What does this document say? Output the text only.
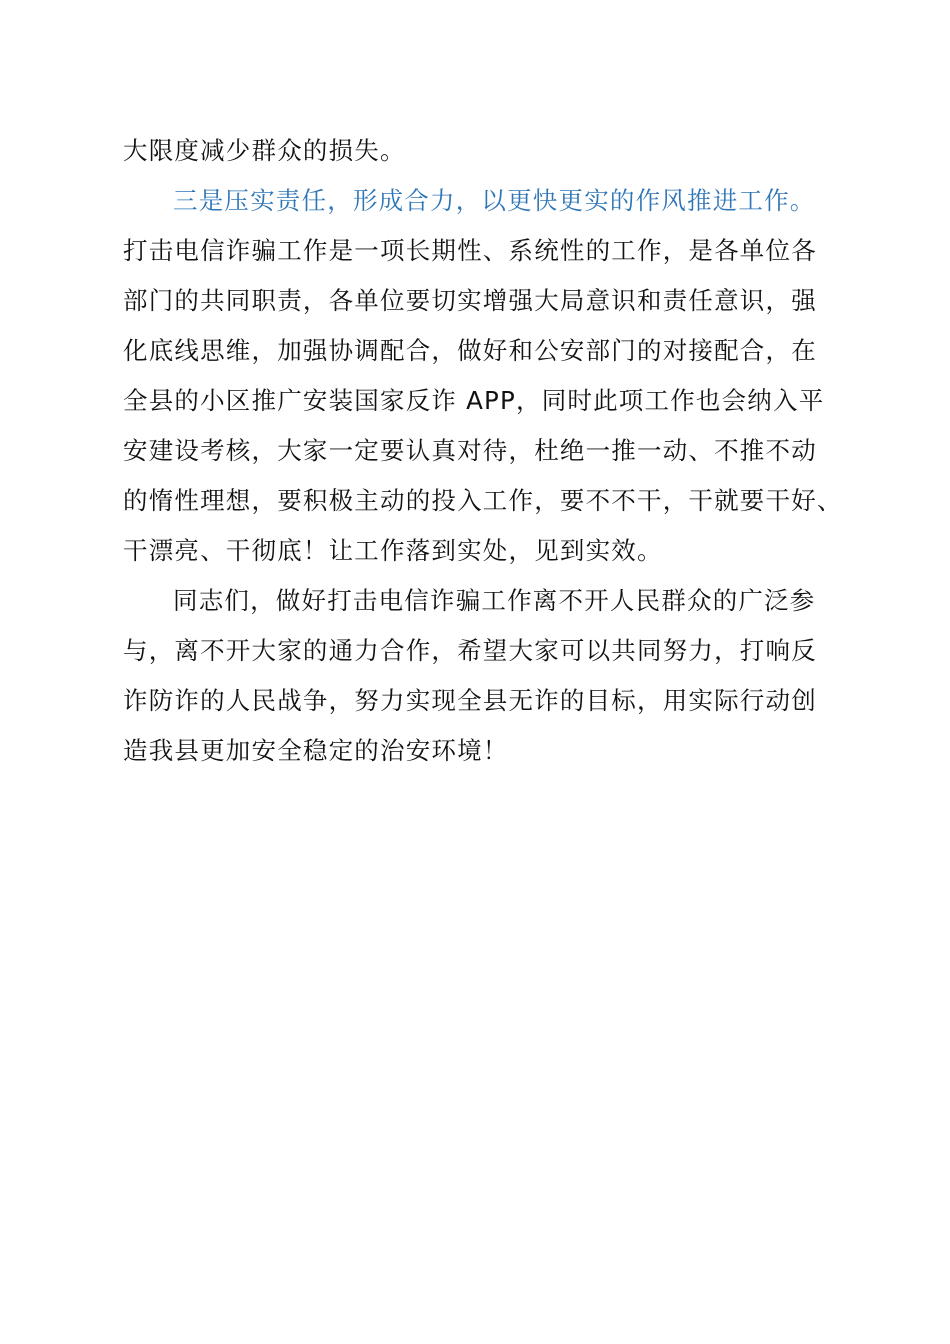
大限度减少群众的损失。
三是压实责任，形成合力，以更快更实的作风推进工作。
打击电信诈骗工作是一项长期性、系统性的工作，是各单位各
部门的共同职责，各单位要切实增强大局意识和责任意识，强
化底线思维，加强协调配合，做好和公安部门的对接配合，在
全县的小区推广安装国家反诈 APP，同时此项工作也会纳入平
安建设考核，大家一定要认真对待，杜绝一推一动、不推不动
的惰性理想，要积极主动的投入工作，要不不干，干就要干好、
干漂亮、干彻底！让工作落到实处，见到实效。
同志们，做好打击电信诈骗工作离不开人民群众的广泛参
与，离不开大家的通力合作，希望大家可以共同努力，打响反
诈防诈的人民战争，努力实现全县无诈的目标，用实际行动创
造我县更加安全稳定的治安环境！
